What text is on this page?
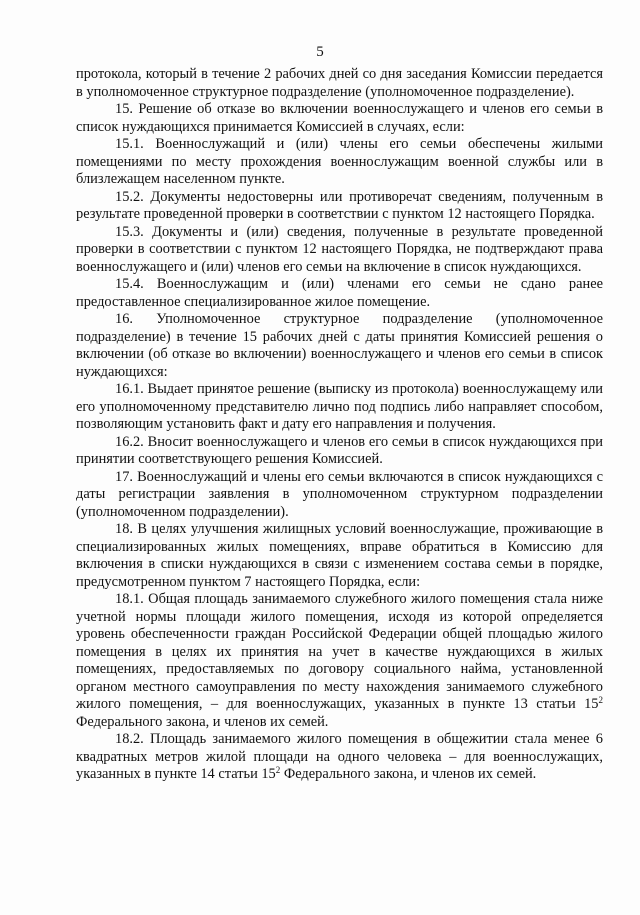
5

протокола, который в течение 2 рабочих дней со дня заседания Комиссии передается в уполномоченное структурное подразделение (уполномоченное подразделение).

15. Решение об отказе во включении военнослужащего и членов его семьи в список нуждающихся принимается Комиссией в случаях, если:

15.1. Военнослужащий и (или) члены его семьи обеспечены жилыми помещениями по месту прохождения военнослужащим военной службы или в близлежащем населенном пункте.

15.2. Документы недостоверны или противоречат сведениям, полученным в результате проведенной проверки в соответствии с пунктом 12 настоящего Порядка.

15.3. Документы и (или) сведения, полученные в результате проведенной проверки в соответствии с пунктом 12 настоящего Порядка, не подтверждают права военнослужащего и (или) членов его семьи на включение в список нуждающихся.

15.4. Военнослужащим и (или) членами его семьи не сдано ранее предоставленное специализированное жилое помещение.

16. Уполномоченное структурное подразделение (уполномоченное подразделение) в течение 15 рабочих дней с даты принятия Комиссией решения о включении (об отказе во включении) военнослужащего и членов его семьи в список нуждающихся:

16.1. Выдает принятое решение (выписку из протокола) военнослужащему или его уполномоченному представителю лично под подпись либо направляет способом, позволяющим установить факт и дату его направления и получения.

16.2. Вносит военнослужащего и членов его семьи в список нуждающихся при принятии соответствующего решения Комиссией.

17. Военнослужащий и члены его семьи включаются в список нуждающихся с даты регистрации заявления в уполномоченном структурном подразделении (уполномоченном подразделении).

18. В целях улучшения жилищных условий военнослужащие, проживающие в специализированных жилых помещениях, вправе обратиться в Комиссию для включения в списки нуждающихся в связи с изменением состава семьи в порядке, предусмотренном пунктом 7 настоящего Порядка, если:

18.1. Общая площадь занимаемого служебного жилого помещения стала ниже учетной нормы площади жилого помещения, исходя из которой определяется уровень обеспеченности граждан Российской Федерации общей площадью жилого помещения в целях их принятия на учет в качестве нуждающихся в жилых помещениях, предоставляемых по договору социального найма, установленной органом местного самоуправления по месту нахождения занимаемого служебного жилого помещения, – для военнослужащих, указанных в пункте 13 статьи $15^2$ Федерального закона, и членов их семей.

18.2. Площадь занимаемого жилого помещения в общежитии стала менее 6 квадратных метров жилой площади на одного человека – для военнослужащих, указанных в пункте 14 статьи $15^2$ Федерального закона, и членов их семей.
